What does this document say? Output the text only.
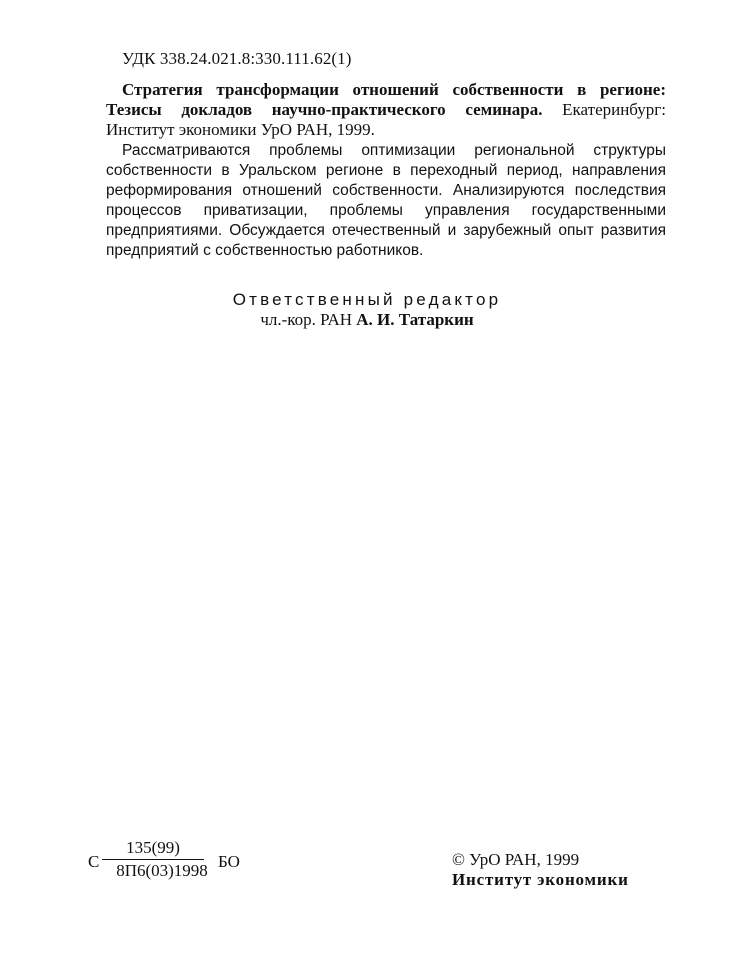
УДК 338.24.021.8:330.111.62(1)
Стратегия трансформации отношений собственности в регионе: Тезисы докладов научно-практического семинара. Екатеринбург: Институт экономики УрО РАН, 1999.
Рассматриваются проблемы оптимизации региональной структуры собственности в Уральском регионе в переходный период, направления реформирования отношений собственности. Анализируются последствия процессов приватизации, проблемы управления государственными предприятиями. Обсуждается отечественный и зарубежный опыт развития предприятий с собственностью работников.
Ответственный редактор
чл.-кор. РАН А. И. Татаркин
С
135(99)
8П6(03)1998 БО	© УрО РАН, 1999
Институт экономики
